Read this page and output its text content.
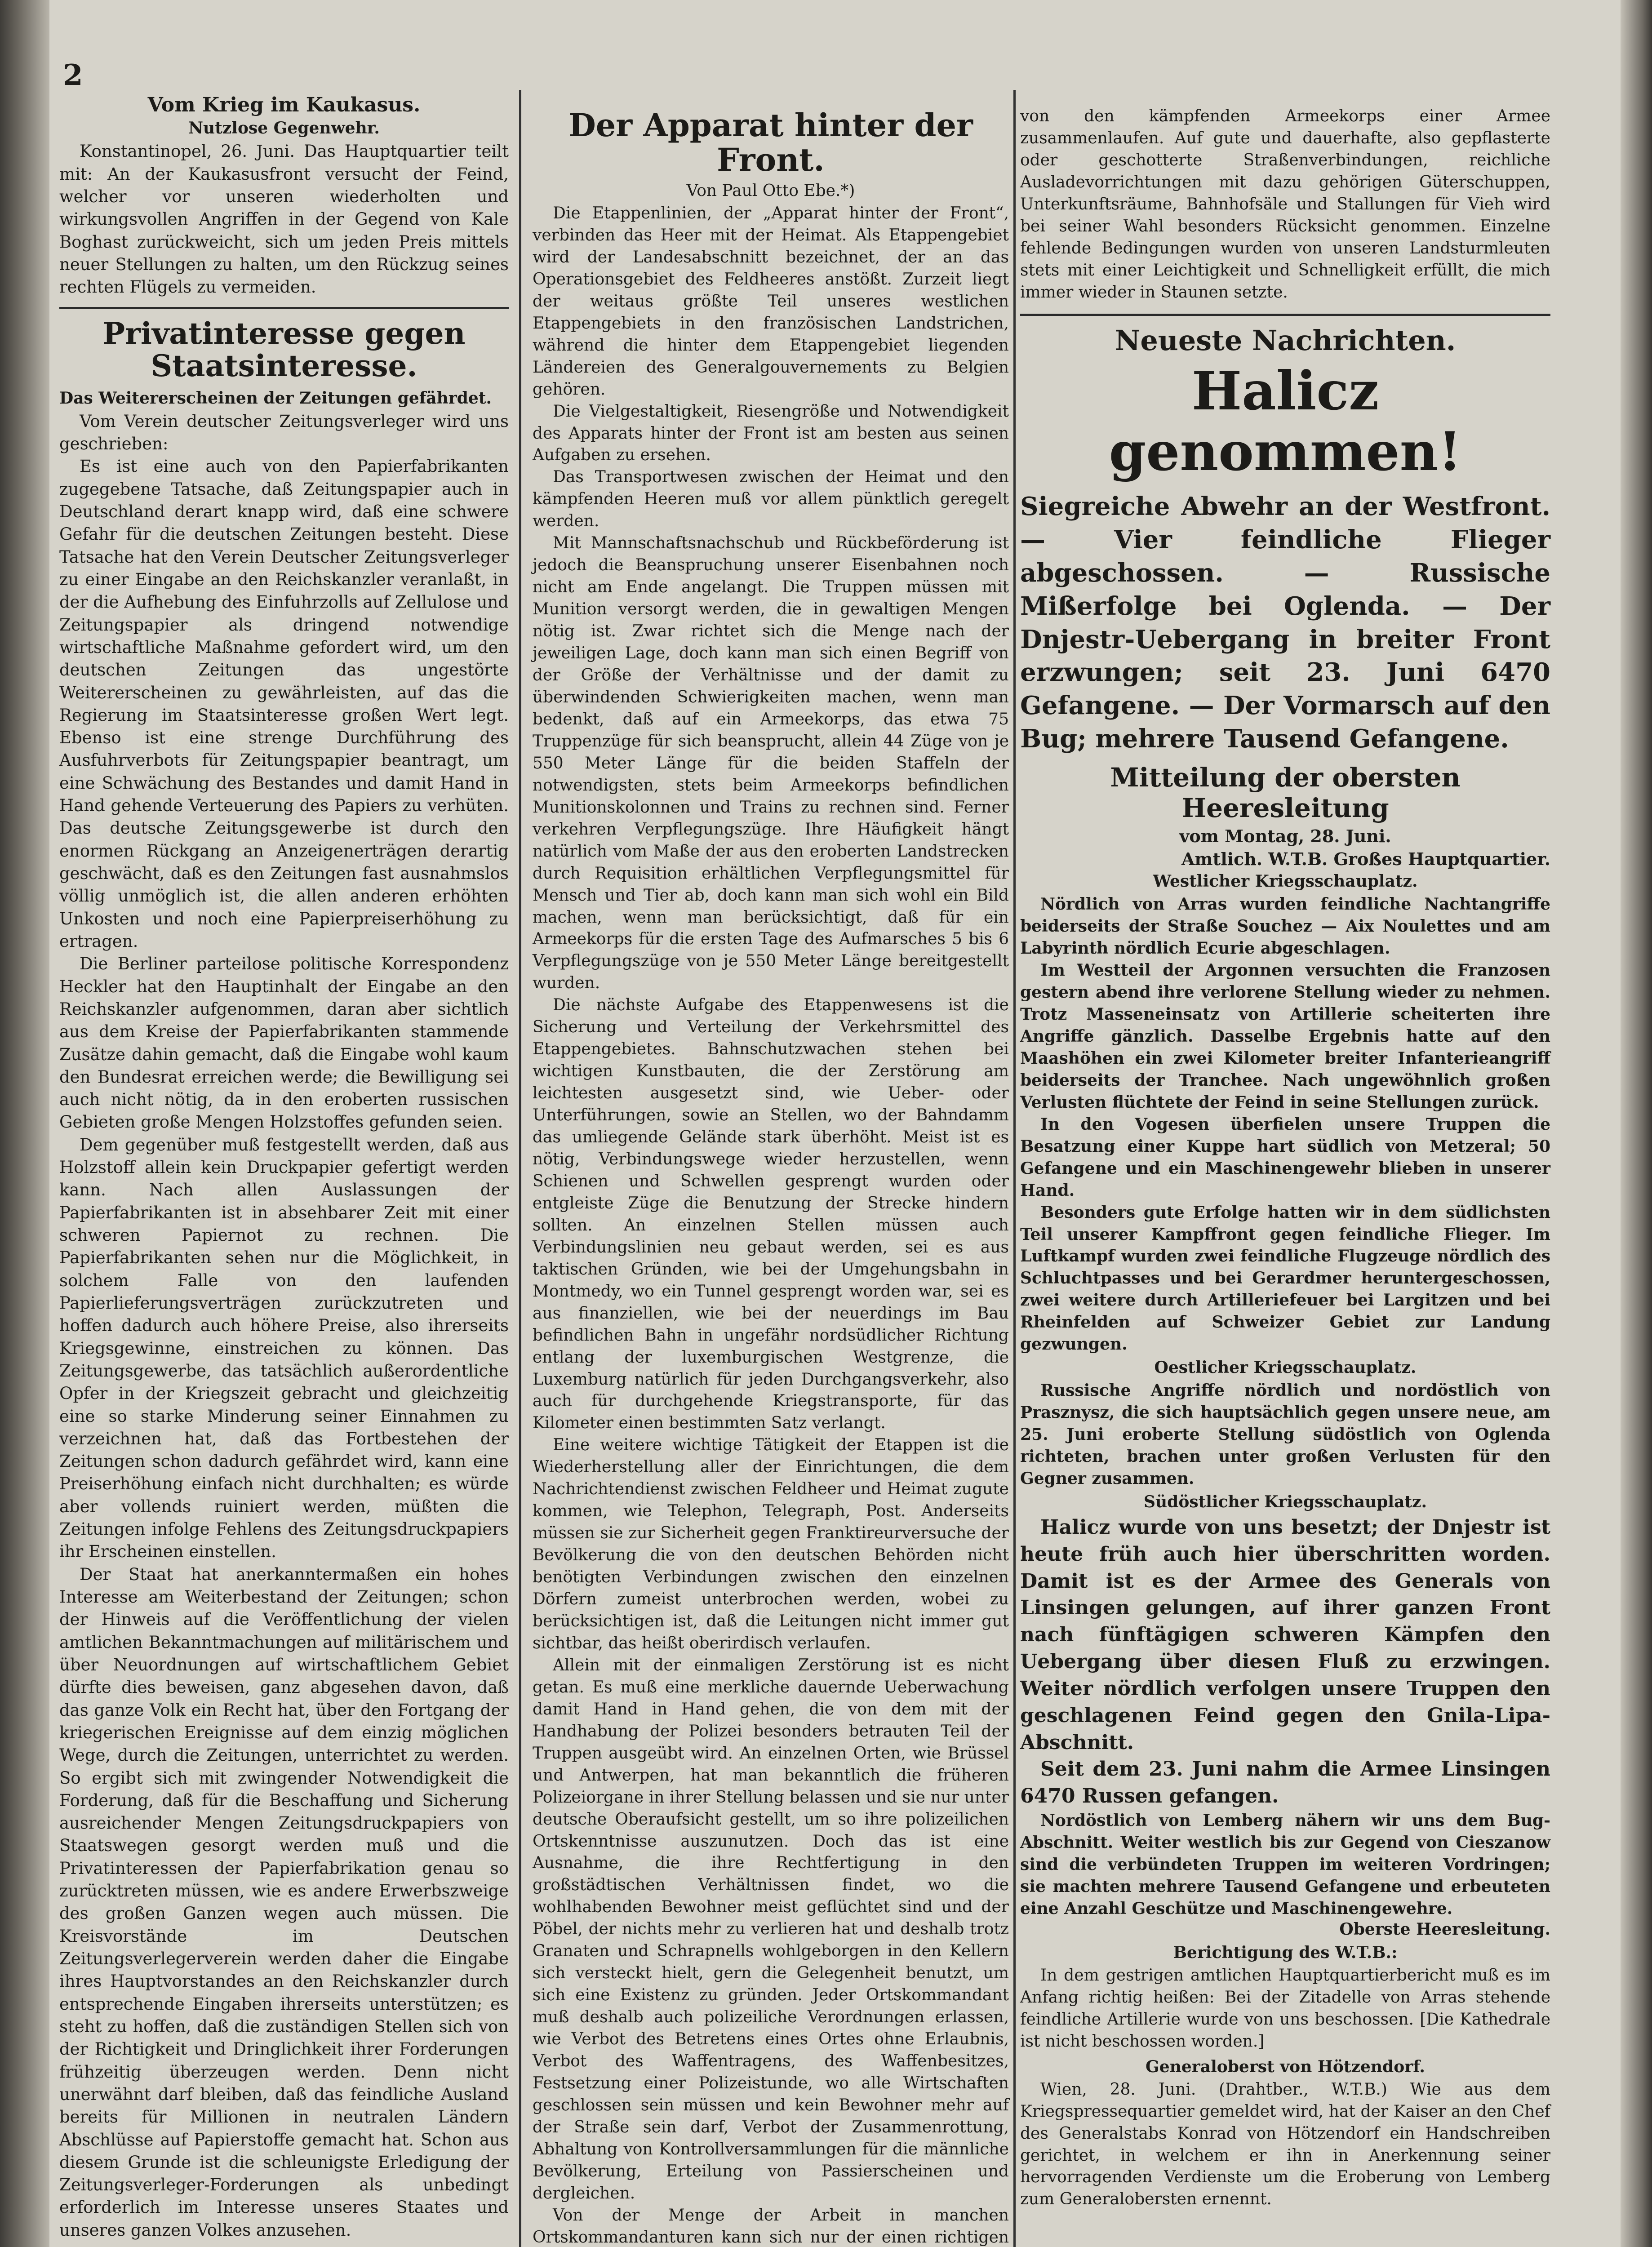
2
Vom Krieg im Kaukasus.
Nutzlose Gegenwehr.

Konstantinopel, 26. Juni. Das Hauptquartier teilt mit: An der Kaukasusfront versucht der Feind, welcher vor unseren wiederholten und wirkungsvollen Angriffen in der Gegend von Kale Boghast zurückweicht, sich um jeden Preis mittels neuer Stellungen zu halten, um den Rückzug seines rechten Flügels zu vermeiden.

Privatinteresse gegen Staatsinteresse.
Das Weitererscheinen der Zeitungen gefährdet.

Vom Verein deutscher Zeitungsverleger wird uns geschrieben:

Es ist eine auch von den Papierfabrikanten zugegebene Tatsache, daß Zeitungspapier auch in Deutschland derart knapp wird, daß eine schwere Gefahr für die deutschen Zeitungen besteht. Diese Tatsache hat den Verein Deutscher Zeitungsverleger zu einer Eingabe an den Reichskanzler veranlaßt, in der die Aufhebung des Einfuhrzolls auf Zellulose und Zeitungspapier als dringend notwendige wirtschaftliche Maßnahme gefordert wird, um den deutschen Zeitungen das ungestörte Weitererscheinen zu gewährleisten, auf das die Regierung im Staatsinteresse großen Wert legt. Ebenso ist eine strenge Durchführung des Ausfuhrverbots für Zeitungspapier beantragt, um eine Schwächung des Bestandes und damit Hand in Hand gehende Verteuerung des Papiers zu verhüten. Das deutsche Zeitungsgewerbe ist durch den enormen Rückgang an Anzeigenerträgen derartig geschwächt, daß es den Zeitungen fast ausnahmslos völlig unmöglich ist, die allen anderen erhöhten Unkosten und noch eine Papierpreiserhöhung zu ertragen.

Die Berliner parteilose politische Korrespondenz Heckler hat den Hauptinhalt der Eingabe an den Reichskanzler aufgenommen, daran aber sichtlich aus dem Kreise der Papierfabrikanten stammende Zusätze dahin gemacht, daß die Eingabe wohl kaum den Bundesrat erreichen werde; die Bewilligung sei auch nicht nötig, da in den eroberten russischen Gebieten große Mengen Holzstoffes gefunden seien.

Dem gegenüber muß festgestellt werden, daß aus Holzstoff allein kein Druckpapier gefertigt werden kann. Nach allen Auslassungen der Papierfabrikanten ist in absehbarer Zeit mit einer schweren Papiernot zu rechnen. Die Papierfabrikanten sehen nur die Möglichkeit, in solchem Falle von den laufenden Papierlieferungsverträgen zurückzutreten und hoffen dadurch auch höhere Preise, also ihrerseits Kriegsgewinne, einstreichen zu können. Das Zeitungsgewerbe, das tatsächlich außerordentliche Opfer in der Kriegszeit gebracht und gleichzeitig eine so starke Minderung seiner Einnahmen zu verzeichnen hat, daß das Fortbestehen der Zeitungen schon dadurch gefährdet wird, kann eine Preiserhöhung einfach nicht durchhalten; es würde aber vollends ruiniert werden, müßten die Zeitungen infolge Fehlens des Zeitungsdruckpapiers ihr Erscheinen einstellen.

Der Staat hat anerkanntermaßen ein hohes Interesse am Weiterbestand der Zeitungen; schon der Hinweis auf die Veröffentlichung der vielen amtlichen Bekanntmachungen auf militärischem und über Neuordnungen auf wirtschaftlichem Gebiet dürfte dies beweisen, ganz abgesehen davon, daß das ganze Volk ein Recht hat, über den Fortgang der kriegerischen Ereignisse auf dem einzig möglichen Wege, durch die Zeitungen, unterrichtet zu werden. So ergibt sich mit zwingender Notwendigkeit die Forderung, daß für die Beschaffung und Sicherung ausreichender Mengen Zeitungsdruckpapiers von Staatswegen gesorgt werden muß und die Privatinteressen der Papierfabrikation genau so zurücktreten müssen, wie es andere Erwerbszweige des großen Ganzen wegen auch müssen. Die Kreisvorstände im Deutschen Zeitungsverlegerverein werden daher die Eingabe ihres Hauptvorstandes an den Reichskanzler durch entsprechende Eingaben ihrerseits unterstützen; es steht zu hoffen, daß die zuständigen Stellen sich von der Richtigkeit und Dringlichkeit ihrer Forderungen frühzeitig überzeugen werden. Denn nicht unerwähnt darf bleiben, daß das feindliche Ausland bereits für Millionen in neutralen Ländern Abschlüsse auf Papierstoffe gemacht hat. Schon aus diesem Grunde ist die schleunigste Erledigung der Zeitungsverleger-Forderungen als unbedingt erforderlich im Interesse unseres Staates und unseres ganzen Volkes anzusehen.

Der Apparat hinter der Front.
Von Paul Otto Ebe.*)

Die Etappenlinien, der „Apparat hinter der Front“, verbinden das Heer mit der Heimat. Als Etappengebiet wird der Landesabschnitt bezeichnet, der an das Operationsgebiet des Feldheeres anstößt. Zurzeit liegt der weitaus größte Teil unseres westlichen Etappengebiets in den französischen Landstrichen, während die hinter dem Etappengebiet liegenden Ländereien des Generalgouvernements zu Belgien gehören.

Die Vielgestaltigkeit, Riesengröße und Notwendigkeit des Apparats hinter der Front ist am besten aus seinen Aufgaben zu ersehen.

Das Transportwesen zwischen der Heimat und den kämpfenden Heeren muß vor allem pünktlich geregelt werden.

Mit Mannschaftsnachschub und Rückbeförderung ist jedoch die Beanspruchung unserer Eisenbahnen noch nicht am Ende angelangt. Die Truppen müssen mit Munition versorgt werden, die in gewaltigen Mengen nötig ist. Zwar richtet sich die Menge nach der jeweiligen Lage, doch kann man sich einen Begriff von der Größe der Verhältnisse und der damit zu überwindenden Schwierigkeiten machen, wenn man bedenkt, daß auf ein Armeekorps, das etwa 75 Truppenzüge für sich beansprucht, allein 44 Züge von je 550 Meter Länge für die beiden Staffeln der notwendigsten, stets beim Armeekorps befindlichen Munitionskolonnen und Trains zu rechnen sind. Ferner verkehren Verpflegungszüge. Ihre Häufigkeit hängt natürlich vom Maße der aus den eroberten Landstrecken durch Requisition erhältlichen Verpflegungsmittel für Mensch und Tier ab, doch kann man sich wohl ein Bild machen, wenn man berücksichtigt, daß für ein Armeekorps für die ersten Tage des Aufmarsches 5 bis 6 Verpflegungszüge von je 550 Meter Länge bereitgestellt wurden.

Die nächste Aufgabe des Etappenwesens ist die Sicherung und Verteilung der Verkehrsmittel des Etappengebietes. Bahnschutzwachen stehen bei wichtigen Kunstbauten, die der Zerstörung am leichtesten ausgesetzt sind, wie Ueber- oder Unterführungen, sowie an Stellen, wo der Bahndamm das umliegende Gelände stark überhöht. Meist ist es nötig, Verbindungswege wieder herzustellen, wenn Schienen und Schwellen gesprengt wurden oder entgleiste Züge die Benutzung der Strecke hindern sollten. An einzelnen Stellen müssen auch Verbindungslinien neu gebaut werden, sei es aus taktischen Gründen, wie bei der Umgehungsbahn in Montmedy, wo ein Tunnel gesprengt worden war, sei es aus finanziellen, wie bei der neuerdings im Bau befindlichen Bahn in ungefähr nordsüdlicher Richtung entlang der luxemburgischen Westgrenze, die Luxemburg natürlich für jeden Durchgangsverkehr, also auch für durchgehende Kriegstransporte, für das Kilometer einen bestimmten Satz verlangt.

Eine weitere wichtige Tätigkeit der Etappen ist die Wiederherstellung aller der Einrichtungen, die dem Nachrichtendienst zwischen Feldheer und Heimat zugute kommen, wie Telephon, Telegraph, Post. Anderseits müssen sie zur Sicherheit gegen Franktireurversuche der Bevölkerung die von den deutschen Behörden nicht benötigten Verbindungen zwischen den einzelnen Dörfern zumeist unterbrochen werden, wobei zu berücksichtigen ist, daß die Leitungen nicht immer gut sichtbar, das heißt oberirdisch verlaufen.

Allein mit der einmaligen Zerstörung ist es nicht getan. Es muß eine merkliche dauernde Ueberwachung damit Hand in Hand gehen, die von dem mit der Handhabung der Polizei besonders betrauten Teil der Truppen ausgeübt wird. An einzelnen Orten, wie Brüssel und Antwerpen, hat man bekanntlich die früheren Polizeiorgane in ihrer Stellung belassen und sie nur unter deutsche Oberaufsicht gestellt, um so ihre polizeilichen Ortskenntnisse auszunutzen. Doch das ist eine Ausnahme, die ihre Rechtfertigung in den großstädtischen Verhältnissen findet, wo die wohlhabenden Bewohner meist geflüchtet sind und der Pöbel, der nichts mehr zu verlieren hat und deshalb trotz Granaten und Schrapnells wohlgeborgen in den Kellern sich versteckt hielt, gern die Gelegenheit benutzt, um sich eine Existenz zu gründen. Jeder Ortskommandant muß deshalb auch polizeiliche Verordnungen erlassen, wie Verbot des Betretens eines Ortes ohne Erlaubnis, Verbot des Waffentragens, des Waffenbesitzes, Festsetzung einer Polizeistunde, wo alle Wirtschaften geschlossen sein müssen und kein Bewohner mehr auf der Straße sein darf, Verbot der Zusammenrottung, Abhaltung von Kontrollversammlungen für die männliche Bevölkerung, Erteilung von Passierscheinen und dergleichen.

Von der Menge der Arbeit in manchen Ortskommandanturen kann sich nur der einen richtigen

von den kämpfenden Armeekorps einer Armee zusammenlaufen. Auf gute und dauerhafte, also gepflasterte oder geschotterte Straßenverbindungen, reichliche Ausladevorrichtungen mit dazu gehörigen Güterschuppen, Unterkunftsräume, Bahnhofsäle und Stallungen für Vieh wird bei seiner Wahl besonders Rücksicht genommen. Einzelne fehlende Bedingungen wurden von unseren Landsturmleuten stets mit einer Leichtigkeit und Schnelligkeit erfüllt, die mich immer wieder in Staunen setzte.

Neueste Nachrichten.
Halicz genommen!
Siegreiche Abwehr an der Westfront. — Vier feindliche Flieger abgeschossen. — Russische Mißerfolge bei Oglenda. — Der Dnjestr-Uebergang in breiter Front erzwungen; seit 23. Juni 6470 Gefangene. — Der Vormarsch auf den Bug; mehrere Tausend Gefangene.
Mitteilung der obersten Heeresleitung
vom Montag, 28. Juni.
Amtlich. W.T.B. Großes Hauptquartier.
Westlicher Kriegsschauplatz.

Nördlich von Arras wurden feindliche Nachtangriffe beiderseits der Straße Souchez — Aix Noulettes und am Labyrinth nördlich Ecurie abgeschlagen.

Im Westteil der Argonnen versuchten die Franzosen gestern abend ihre verlorene Stellung wieder zu nehmen. Trotz Masseneinsatz von Artillerie scheiterten ihre Angriffe gänzlich. Dasselbe Ergebnis hatte auf den Maashöhen ein zwei Kilometer breiter Infanterieangriff beiderseits der Tranchee. Nach ungewöhnlich großen Verlusten flüchtete der Feind in seine Stellungen zurück.

In den Vogesen überfielen unsere Truppen die Besatzung einer Kuppe hart südlich von Metzeral; 50 Gefangene und ein Maschinengewehr blieben in unserer Hand.

Besonders gute Erfolge hatten wir in dem südlichsten Teil unserer Kampffront gegen feindliche Flieger. Im Luftkampf wurden zwei feindliche Flugzeuge nördlich des Schluchtpasses und bei Gerardmer heruntergeschossen, zwei weitere durch Artilleriefeuer bei Largitzen und bei Rheinfelden auf Schweizer Gebiet zur Landung gezwungen.

Oestlicher Kriegsschauplatz.

Russische Angriffe nördlich und nordöstlich von Prasznysz, die sich hauptsächlich gegen unsere neue, am 25. Juni eroberte Stellung südöstlich von Oglenda richteten, brachen unter großen Verlusten für den Gegner zusammen.

Südöstlicher Kriegsschauplatz.

Halicz wurde von uns besetzt; der Dnjestr ist heute früh auch hier überschritten worden. Damit ist es der Armee des Generals von Linsingen gelungen, auf ihrer ganzen Front nach fünftägigen schweren Kämpfen den Uebergang über diesen Fluß zu erzwingen. Weiter nördlich verfolgen unsere Truppen den geschlagenen Feind gegen den Gnila-Lipa-Abschnitt.

Seit dem 23. Juni nahm die Armee Linsingen 6470 Russen gefangen.

Nordöstlich von Lemberg nähern wir uns dem Bug-Abschnitt. Weiter westlich bis zur Gegend von Cieszanow sind die verbündeten Truppen im weiteren Vordringen; sie machten mehrere Tausend Gefangene und erbeuteten eine Anzahl Geschütze und Maschinengewehre.

Oberste Heeresleitung.
Berichtigung des W.T.B.:

In dem gestrigen amtlichen Hauptquartierbericht muß es im Anfang richtig heißen: Bei der Zitadelle von Arras stehende feindliche Artillerie wurde von uns beschossen. [Die Kathedrale ist nicht beschossen worden.]

Generaloberst von Hötzendorf.

Wien, 28. Juni. (Drahtber., W.T.B.) Wie aus dem Kriegspressequartier gemeldet wird, hat der Kaiser an den Chef des Generalstabs Konrad von Hötzendorf ein Handschreiben gerichtet, in welchem er ihn in Anerkennung seiner hervorragenden Verdienste um die Eroberung von Lemberg zum Generalobersten ernennt.
